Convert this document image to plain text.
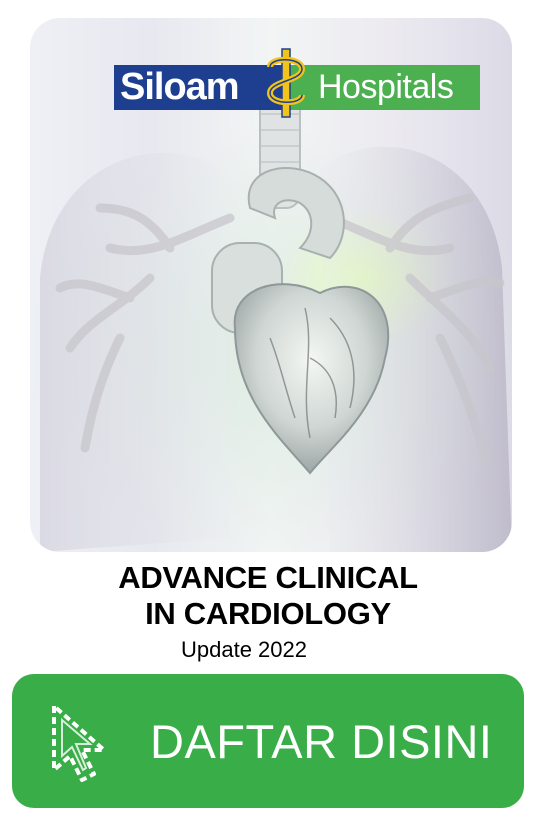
Siloam	Hospitals
ADVANCE CLINICAL
IN CARDIOLOGY
Update 2022
DAFTAR DISINI
